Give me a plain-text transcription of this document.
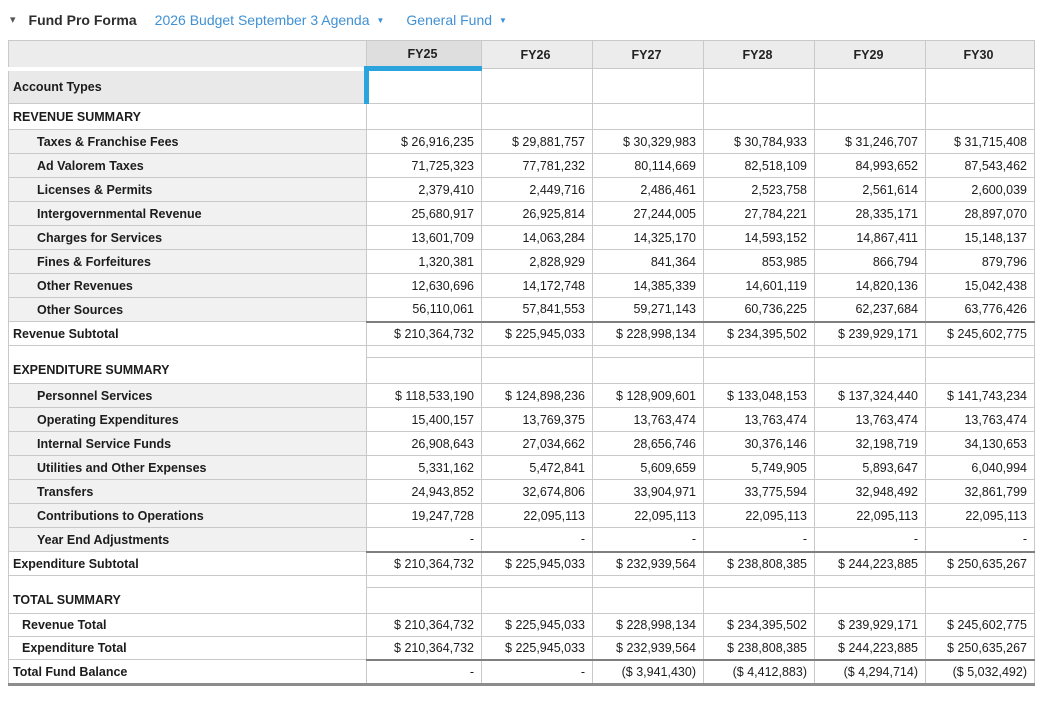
▾ Fund Pro Forma 2026 Budget September 3 Agenda ▼ General Fund ▼
	FY25	FY26	FY27	FY28	FY29	FY30
Account Types						
REVENUE SUMMARY						
Taxes & Franchise Fees	$ 26,916,235	$ 29,881,757	$ 30,329,983	$ 30,784,933	$ 31,246,707	$ 31,715,408
Ad Valorem Taxes	71,725,323	77,781,232	80,114,669	82,518,109	84,993,652	87,543,462
Licenses & Permits	2,379,410	2,449,716	2,486,461	2,523,758	2,561,614	2,600,039
Intergovernmental Revenue	25,680,917	26,925,814	27,244,005	27,784,221	28,335,171	28,897,070
Charges for Services	13,601,709	14,063,284	14,325,170	14,593,152	14,867,411	15,148,137
Fines & Forfeitures	1,320,381	2,828,929	841,364	853,985	866,794	879,796
Other Revenues	12,630,696	14,172,748	14,385,339	14,601,119	14,820,136	15,042,438
Other Sources	56,110,061	57,841,553	59,271,143	60,736,225	62,237,684	63,776,426
Revenue Subtotal	$ 210,364,732	$ 225,945,033	$ 228,998,134	$ 234,395,502	$ 239,929,171	$ 245,602,775

EXPENDITURE SUMMARY						
Personnel Services	$ 118,533,190	$ 124,898,236	$ 128,909,601	$ 133,048,153	$ 137,324,440	$ 141,743,234
Operating Expenditures	15,400,157	13,769,375	13,763,474	13,763,474	13,763,474	13,763,474
Internal Service Funds	26,908,643	27,034,662	28,656,746	30,376,146	32,198,719	34,130,653
Utilities and Other Expenses	5,331,162	5,472,841	5,609,659	5,749,905	5,893,647	6,040,994
Transfers	24,943,852	32,674,806	33,904,971	33,775,594	32,948,492	32,861,799
Contributions to Operations	19,247,728	22,095,113	22,095,113	22,095,113	22,095,113	22,095,113
Year End Adjustments	-	-	-	-	-	-
Expenditure Subtotal	$ 210,364,732	$ 225,945,033	$ 232,939,564	$ 238,808,385	$ 244,223,885	$ 250,635,267

TOTAL SUMMARY						
Revenue Total	$ 210,364,732	$ 225,945,033	$ 228,998,134	$ 234,395,502	$ 239,929,171	$ 245,602,775
Expenditure Total	$ 210,364,732	$ 225,945,033	$ 232,939,564	$ 238,808,385	$ 244,223,885	$ 250,635,267
Total Fund Balance	-	-	($ 3,941,430)	($ 4,412,883)	($ 4,294,714)	($ 5,032,492)
